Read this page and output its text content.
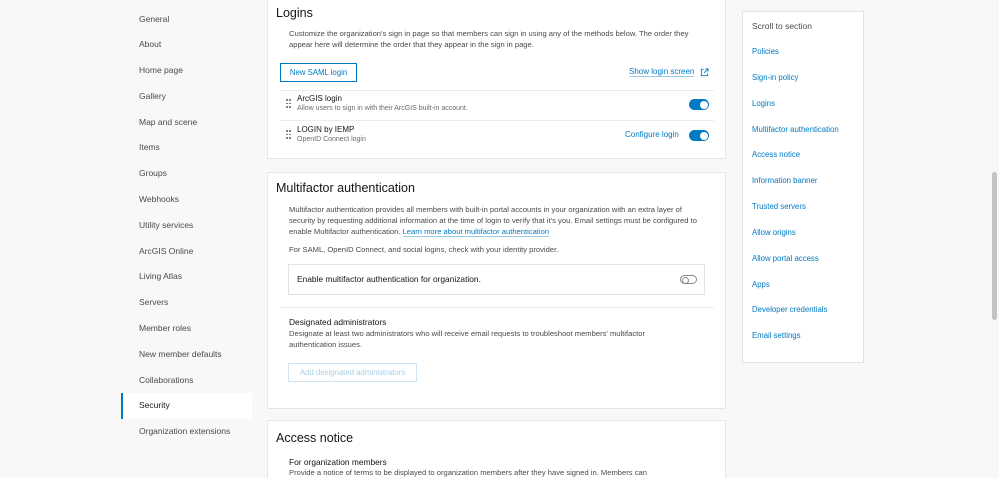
General
About
Home page
Gallery
Map and scene
Items
Groups
Webhooks
Utility services
ArcGIS Online
Living Atlas
Servers
Member roles
New member defaults
Collaborations
Security
Organization extensions
Logins
Customize the organization's sign in page so that members can sign in using any of the methods below. The order they appear here will determine the order that they appear in the sign in page.
New SAML login	Show login screen
ArcGIS login
Allow users to sign in with their ArcGIS built-in account.
LOGIN by IEMP
OpenID Connect login
Configure login
Multifactor authentication
Multifactor authentication provides all members with built-in portal accounts in your organization with an extra layer of security by requesting additional information at the time of login to verify that it's you. Email settings must be configured to enable Multifactor authentication. Learn more about multifactor authentication
For SAML, OpenID Connect, and social logins, check with your identity provider.
Enable multifactor authentication for organization.
Designated administrators
Designate at least two administrators who will receive email requests to troubleshoot members' multifactor authentication issues.
Add designated administrators
Access notice
For organization members
Provide a notice of terms to be displayed to organization members after they have signed in. Members can
Scroll to section
Policies
Sign-in policy
Logins
Multifactor authentication
Access notice
Information banner
Trusted servers
Allow origins
Allow portal access
Apps
Developer credentials
Email settings
